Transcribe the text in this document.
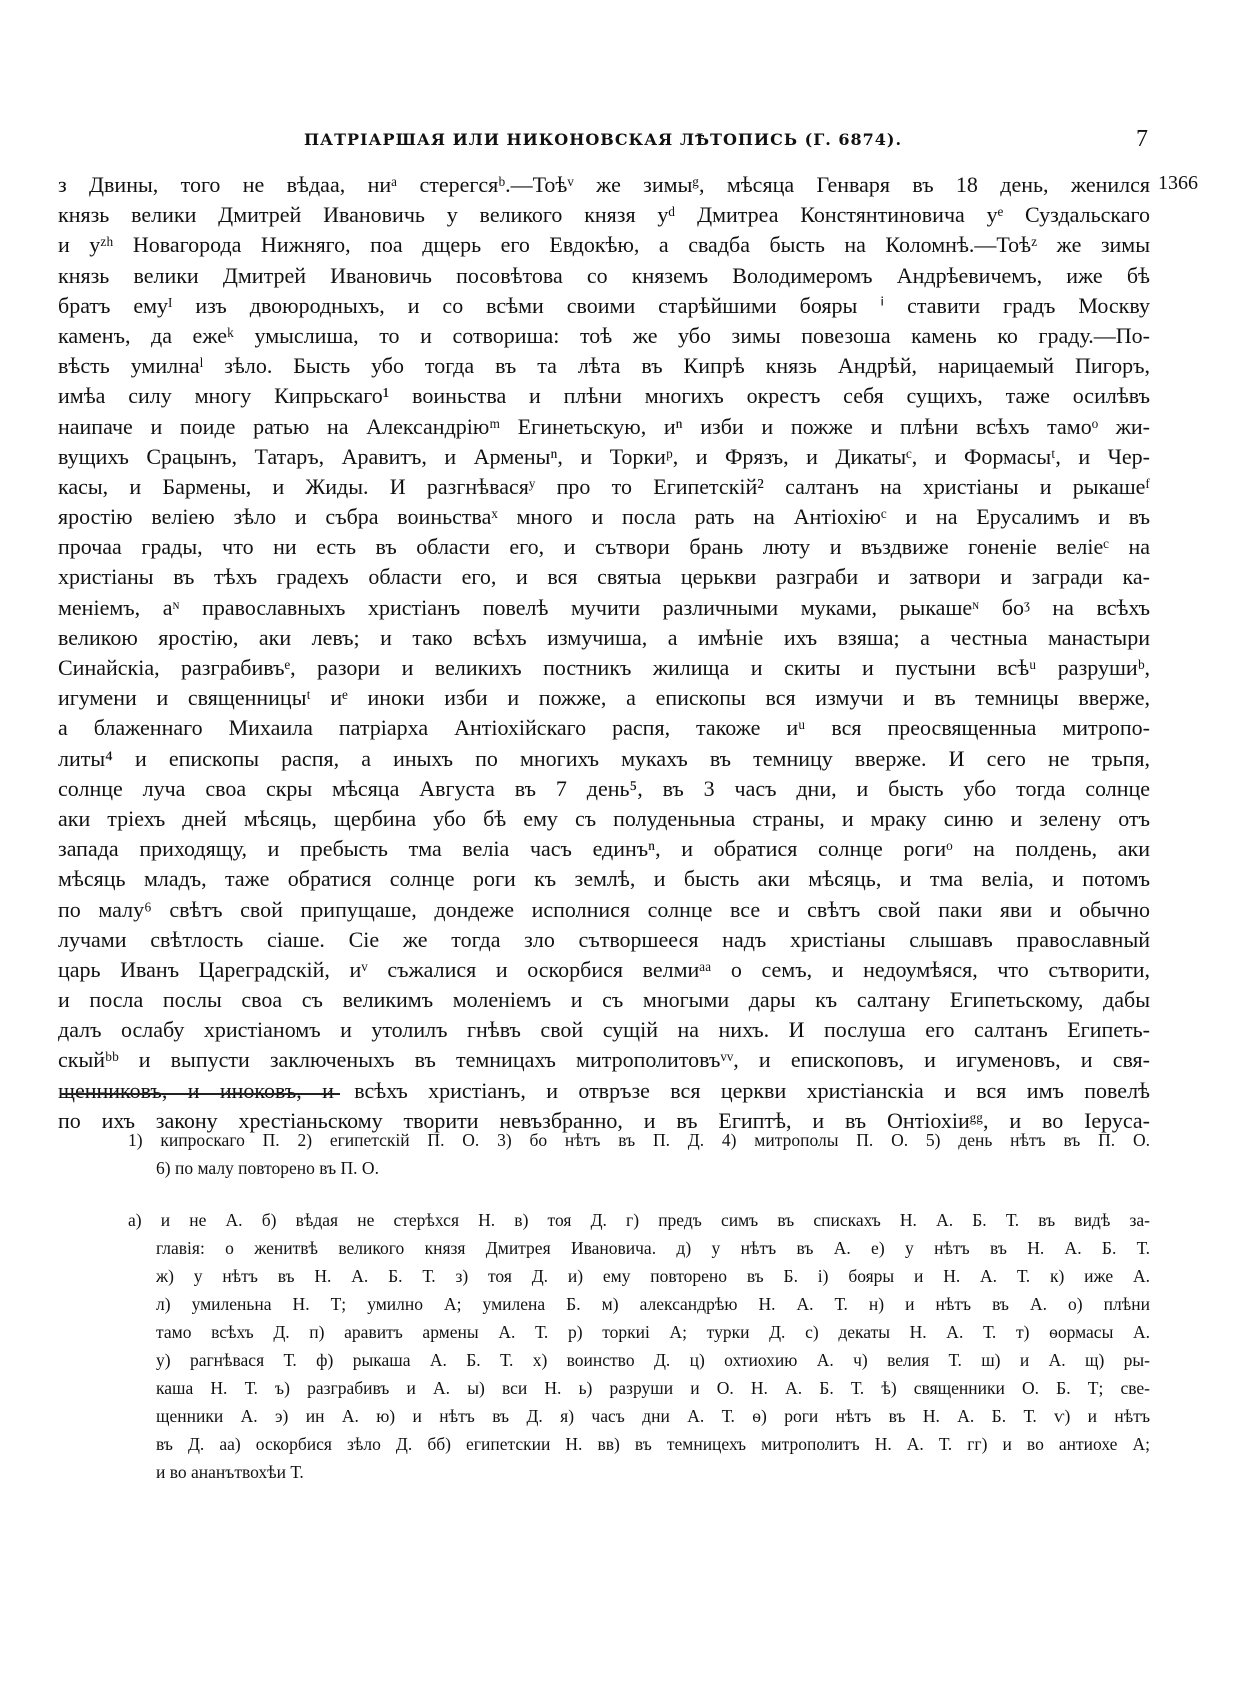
ПАТРІАРШАЯ ИЛИ НИКОНОВСКАЯ ЛѢТОПИСЬ (Г. 6874).	7
1366
з Двины, того не вѣдаа, ниᵃ стерегсяᵇ.—Тоѣᵛ же зимыᵍ, мѣсяца Генваря въ 18 день, женился
князь велики Дмитрей Ивановичь у великого князя уᵈ Дмитреа Констянтиновича уᵉ Суздальскаго
и уᶻʰ Новагорода Нижняго, поа дщерь его Евдокѣю, а свадба бысть на Коломнѣ.—Тоѣᶻ же зимы
князь велики Дмитрей Ивановичь посовѣтова со княземъ Володимеромъ Андрѣевичемъ, иже бѣ
братъ емуᴵ изъ двоюродныхъ, и со всѣми своими старѣйшими бояры ⁱ ставити градъ Москву
каменъ, да ежеᵏ умыслиша, то и сотвориша: тоѣ же убо зимы повезоша камень ко граду.—По-
вѣсть умилнаˡ зѣло. Бысть убо тогда въ та лѣта въ Кипрѣ князь Андрѣй, нарицаемый Пигоръ,
имѣа силу многу Кипрьскаго¹ воиньства и плѣни многихъ окрестъ себя сущихъ, таже осилѣвъ
наипаче и поиде ратью на Александріюᵐ Егинетьскую, иⁿ изби и пожже и плѣни всѣхъ тамоᵒ жи-
вущихъ Срацынъ, Татаръ, Аравитъ, и Арменыⁿ, и Торкиᵖ, и Фрязъ, и Дикатыᶜ, и Формасыᵗ, и Чер-
касы, и Бармены, и Жиды. И разгнѣвасяʸ про то Египетскій² салтанъ на христіаны и рыкашеᶠ
яростію веліею зѣло и събра воиньстваˣ много и посла рать на Антіохіюᶜ и на Ерусалимъ и въ
прочаа грады, что ни есть въ области его, и сътвори брань люту и въздвиже гоненіе веліеᶜ на
христіаны въ тѣхъ градехъ области его, и вся святыа церькви разграби и затвори и загради ка-
меніемъ, аᶰ православныхъ христіанъ повелѣ мучити различными муками, рыкашеᶰ боᶾ на всѣхъ
великою яростію, аки левъ; и тако всѣхъ измучиша, а имѣніе ихъ взяша; а честныа манастыри
Синайскіа, разграбивъᵉ, разори и великихъ постникъ жилища и скиты и пустыни всѣᵘ разрушиᵇ,
игумени и священницыᵗ иᵉ иноки изби и пожже, а епископы вся измучи и въ темницы вверже,
а блаженнаго Михаила патріарха Антіохійскаго распя, такоже иᵘ вся преосвященныа митропо-
литы⁴ и епископы распя, а иныхъ по многихъ мукахъ въ темницу вверже. И сего не трьпя,
солнце луча своа скры мѣсяца Августа въ 7 день⁵, въ 3 часъ дни, и бысть убо тогда солнце
аки тріехъ дней мѣсяць, щербина убо бѣ ему съ полуденьныа страны, и мраку синю и зелену отъ
запада приходящу, и пребысть тма веліа часъ единъⁿ, и обратися солнце рогиᵒ на полдень, аки
мѣсяць младъ, таже обратися солнце роги къ землѣ, и бысть аки мѣсяць, и тма веліа, и потомъ
по малу⁶ свѣтъ свой припущаше, дондеже исполнися солнце все и свѣтъ свой паки яви и обычно
лучами свѣтлость сіаше. Сіе же тогда зло сътворшееся надъ христіаны слышавъ православный
царь Иванъ Цареградскій, иᵛ съжалися и оскорбися велмиᵃᵃ о семъ, и недоумѣяся, что сътворити,
и посла послы своа съ великимъ моленіемъ и съ многыми дары къ салтану Египетьскому, дабы
далъ ослабу христіаномъ и утолилъ гнѣвъ свой сущій на нихъ. И послуша его салтанъ Египеть-
скыйᵇᵇ и выпусти заключеныхъ въ темницахъ митрополитовъᵛᵛ, и епископовъ, и игуменовъ, и свя-
щенниковъ, и иноковъ, и всѣхъ христіанъ, и отвръзе вся церкви христіанскіа и вся имъ повелѣ
по ихъ закону хрестіаньскому творити невъзбранно, и въ Египтѣ, и въ Онтіохіиᵍᵍ, и во Іеруса-
1) кипроскаго П. 2) египетскій П. О. 3) бо нѣтъ въ П. Д. 4) митрополы П. О. 5) день нѣтъ въ П. О.
6) по малу повторено въ П. О.
а) и не А. б) вѣдая не стерѣхся Н. в) тоя Д. г) предъ симъ въ спискахъ Н. А. Б. Т. въ видѣ за-
главія: о женитвѣ великого князя Дмитрея Ивановича. д) у нѣтъ въ А. е) у нѣтъ въ Н. А. Б. Т.
ж) у нѣтъ въ Н. А. Б. Т. з) тоя Д. и) ему повторено въ Б. і) бояры и Н. А. Т. к) иже А.
л) умиленьна Н. Т; умилно А; умилена Б. м) александрѣю Н. А. Т. н) и нѣтъ въ А. о) плѣни
тамо всѣхъ Д. п) аравитъ армены А. Т. р) торкиі А; турки Д. с) декаты Н. А. Т. т) ѳормасы А.
у) рагнѣвася Т. ф) рыкаша А. Б. Т. х) воинство Д. ц) охтиохию А. ч) велия Т. ш) и А. щ) ры-
каша Н. Т. ъ) разграбивъ и А. ы) вси Н. ь) разруши и О. Н. А. Б. Т. ѣ) священники О. Б. Т; све-
щенники А. э) ин А. ю) и нѣтъ въ Д. я) часъ дни А. Т. ѳ) роги нѣтъ въ Н. А. Б. Т. ѵ) и нѣтъ
въ Д. аа) оскорбися зѣло Д. бб) египетскии Н. вв) въ темницехъ митрополитъ Н. А. Т. гг) и во антиохе А;
и во ананътвохѣи Т.
